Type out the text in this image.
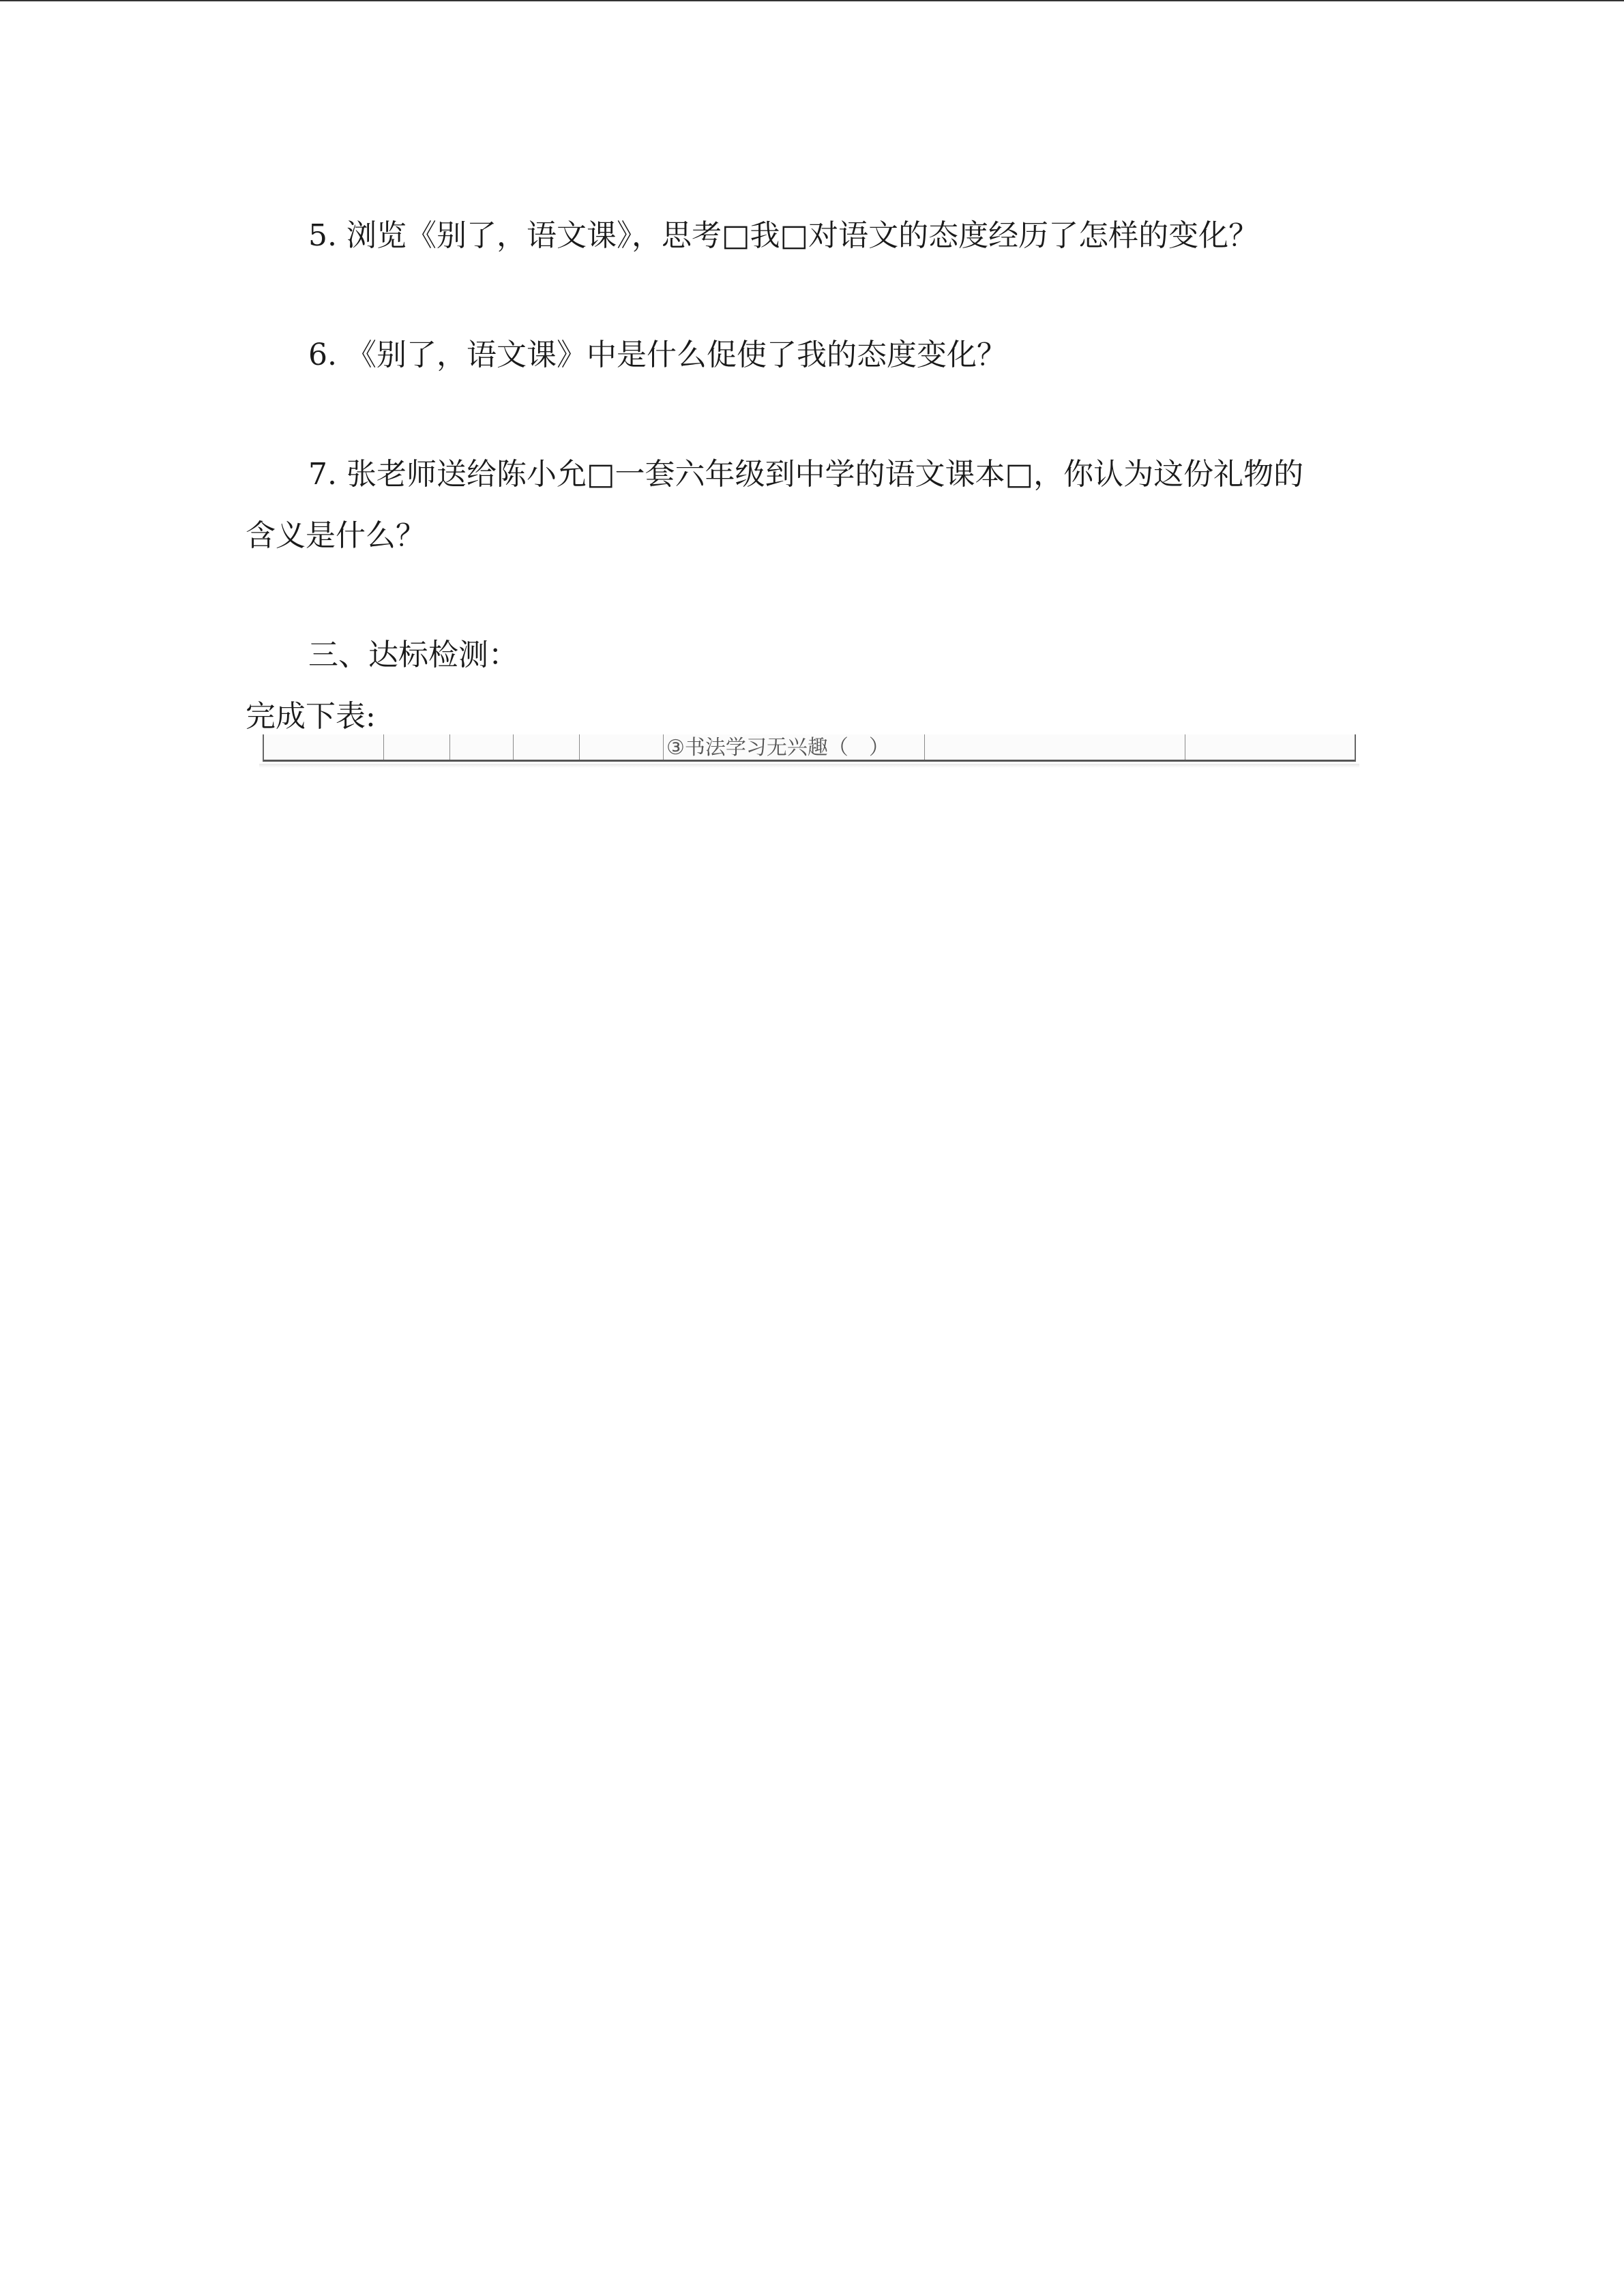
5. 浏览《别了，语文课》，思考□我□对语文的态度经历了怎样的变化？
6. 《别了，语文课》中是什么促使了我的态度变化？
7. 张老师送给陈小允□一套六年级到中学的语文课本□，你认为这份礼物的
含义是什么？
三、达标检测：
完成下表:
③书法学习无兴趣（　）
